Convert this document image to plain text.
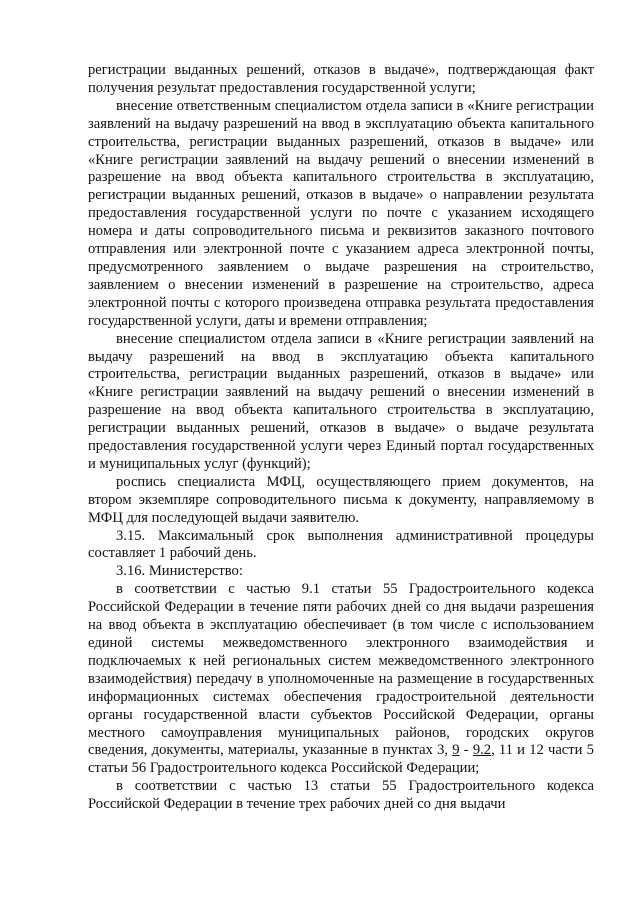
регистрации выданных решений, отказов в выдаче», подтверждающая факт получения результат предоставления государственной услуги;

внесение ответственным специалистом отдела записи в «Книге регистрации заявлений на выдачу разрешений на ввод в эксплуатацию объекта капитального строительства, регистрации выданных разрешений, отказов в выдаче» или «Книге регистрации заявлений на выдачу решений о внесении изменений в разрешение на ввод объекта капитального строительства в эксплуатацию, регистрации выданных решений, отказов в выдаче» о направлении результата предоставления государственной услуги по почте с указанием исходящего номера и даты сопроводительного письма и реквизитов заказного почтового отправления или электронной почте с указанием адреса электронной почты, предусмотренного заявлением о выдаче разрешения на строительство, заявлением о внесении изменений в разрешение на строительство, адреса электронной почты с которого произведена отправка результата предоставления государственной услуги, даты и времени отправления;

внесение специалистом отдела записи в «Книге регистрации заявлений на выдачу разрешений на ввод в эксплуатацию объекта капитального строительства, регистрации выданных разрешений, отказов в выдаче» или «Книге регистрации заявлений на выдачу решений о внесении изменений в разрешение на ввод объекта капитального строительства в эксплуатацию, регистрации выданных решений, отказов в выдаче» о выдаче результата предоставления государственной услуги через Единый портал государственных и муниципальных услуг (функций);

роспись специалиста МФЦ, осуществляющего прием документов, на втором экземпляре сопроводительного письма к документу, направляемому в МФЦ для последующей выдачи заявителю.

3.15. Максимальный срок выполнения административной процедуры составляет 1 рабочий день.

3.16. Министерство:

в соответствии с частью 9.1 статьи 55 Градостроительного кодекса Российской Федерации в течение пяти рабочих дней со дня выдачи разрешения на ввод объекта в эксплуатацию обеспечивает (в том числе с использованием единой системы межведомственного электронного взаимодействия и подключаемых к ней региональных систем межведомственного электронного взаимодействия) передачу в уполномоченные на размещение в государственных информационных системах обеспечения градостроительной деятельности органы государственной власти субъектов Российской Федерации, органы местного самоуправления муниципальных районов, городских округов сведения, документы, материалы, указанные в пунктах 3, 9 - 9.2, 11 и 12 части 5 статьи 56 Градостроительного кодекса Российской Федерации;

в соответствии с частью 13 статьи 55 Градостроительного кодекса Российской Федерации в течение трех рабочих дней со дня выдачи
